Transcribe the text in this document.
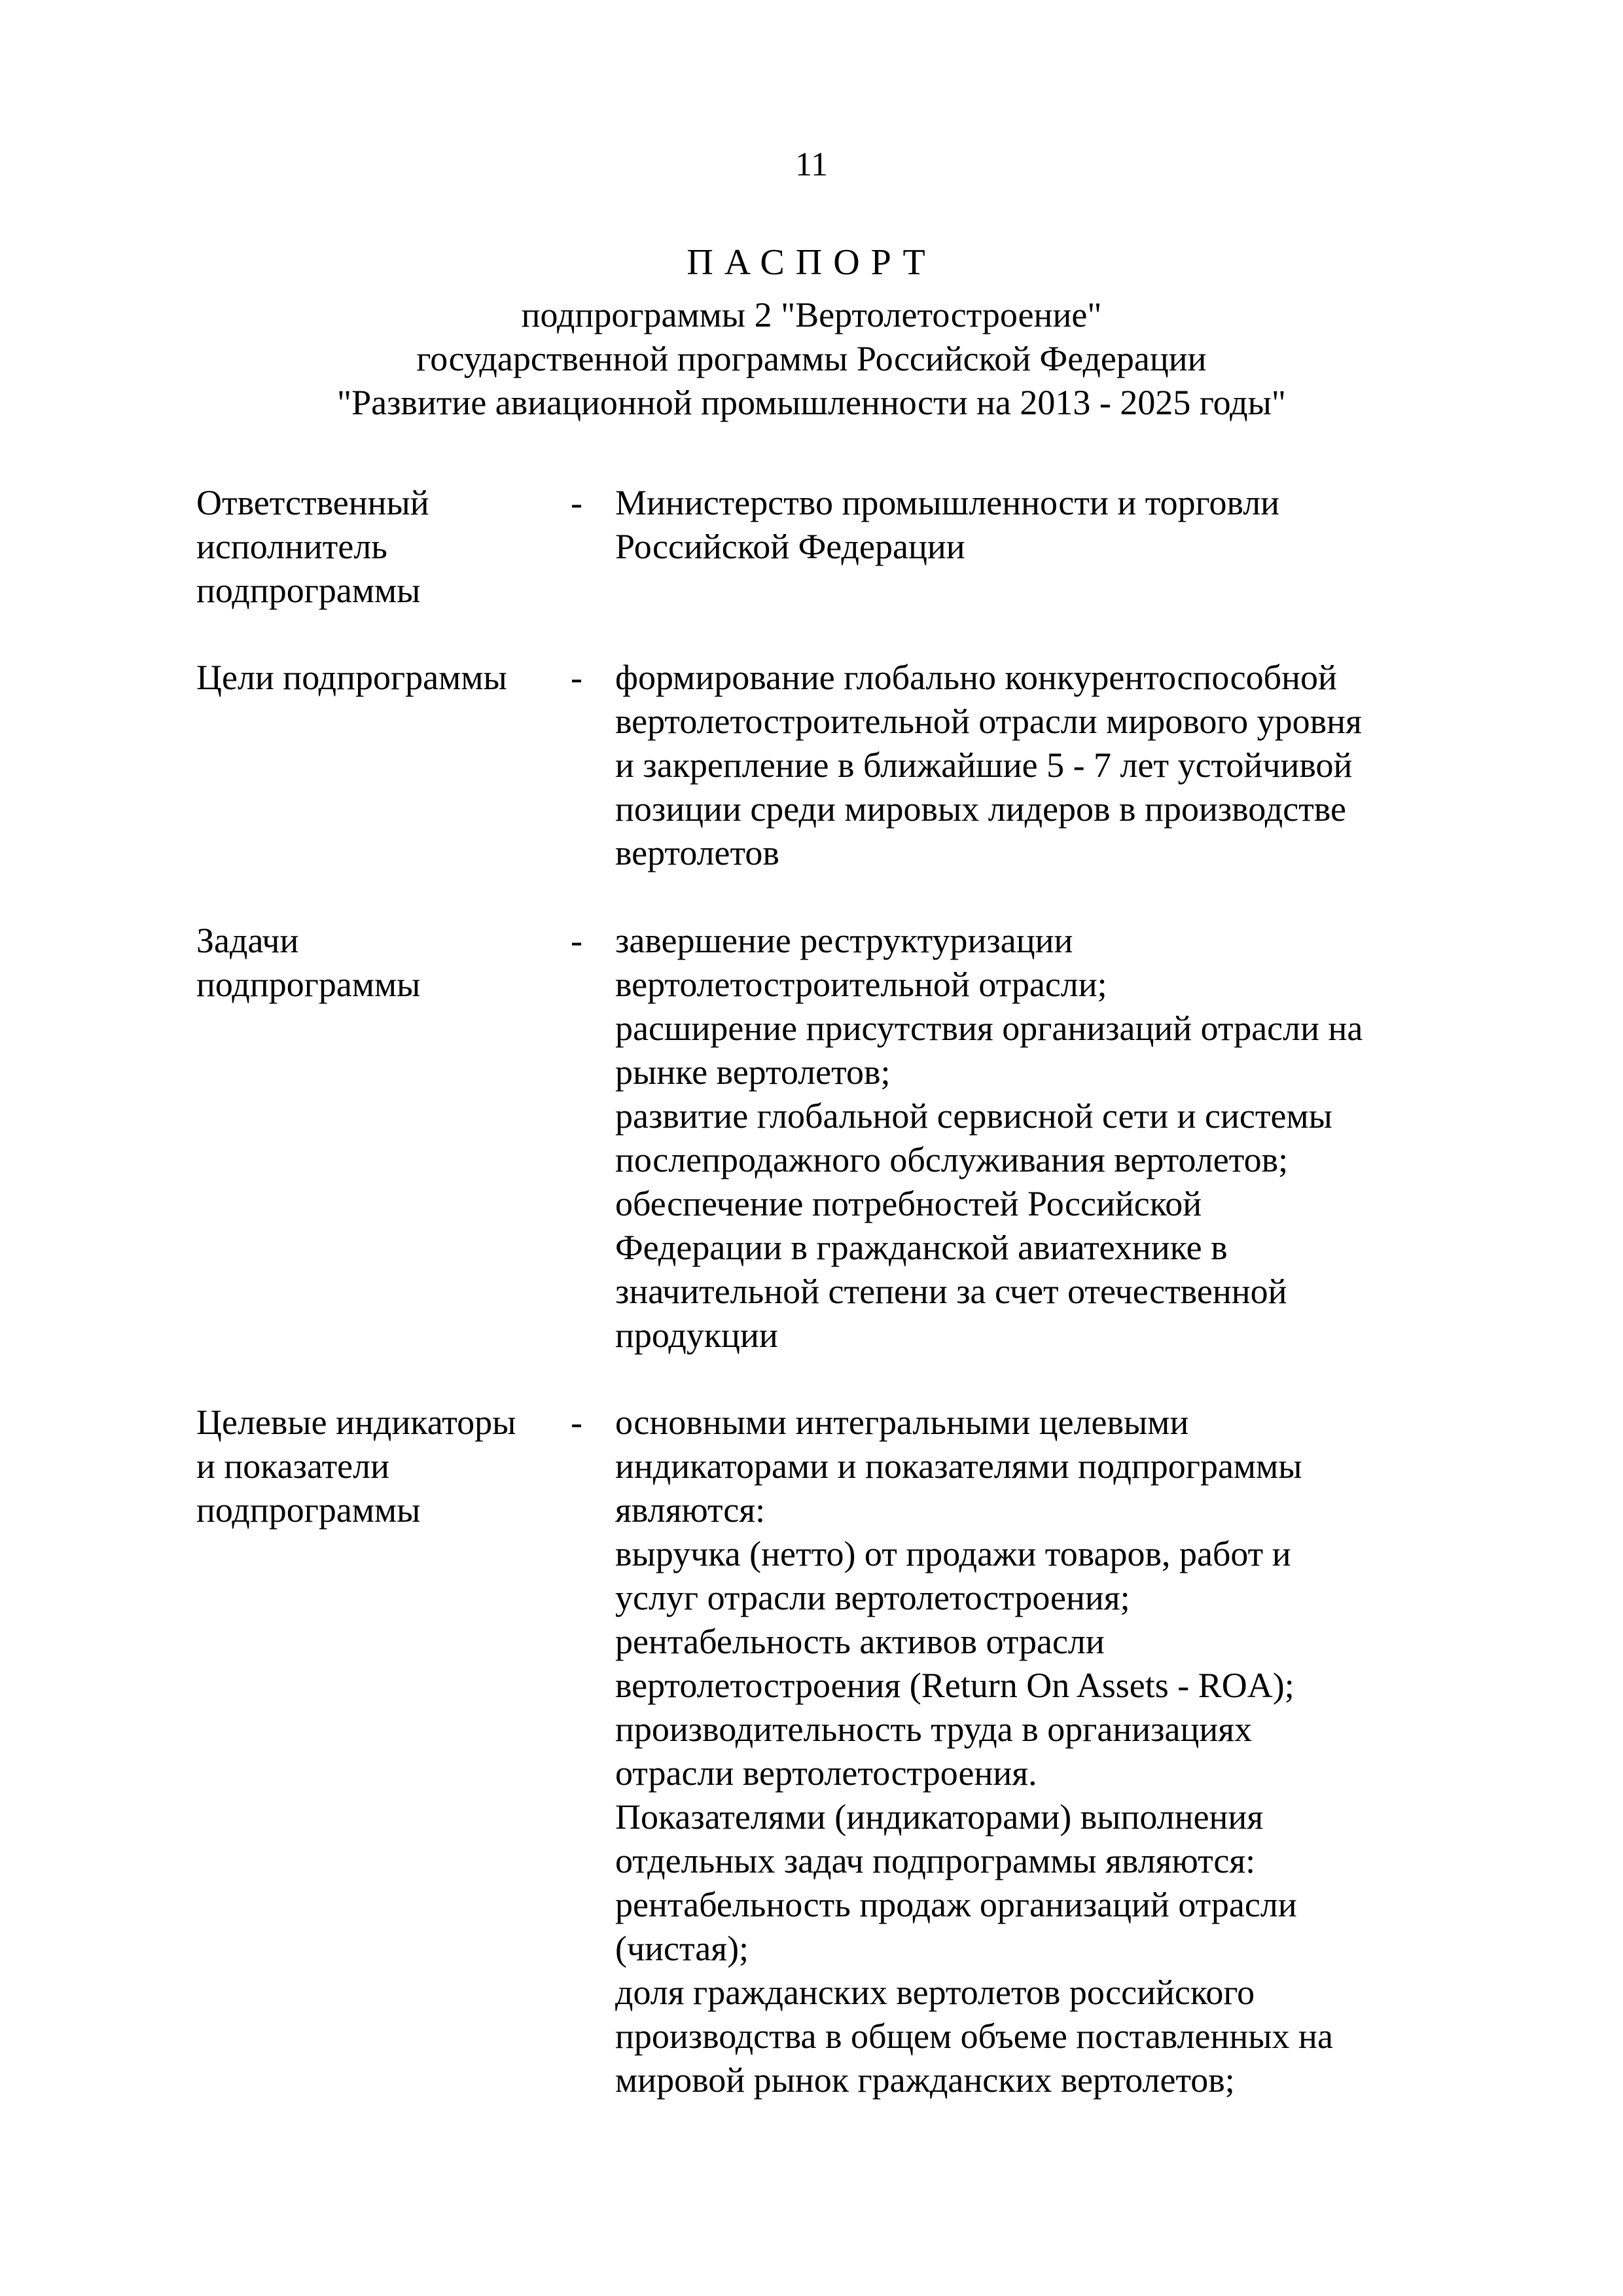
11
ПАСПОРТ
подпрограммы 2 "Вертолетостроение"
государственной программы Российской Федерации
"Развитие авиационной промышленности на 2013 - 2025 годы"
Ответственный
исполнитель
подпрограммы
- Министерство промышленности и торговли
Российской Федерации
Цели подпрограммы	- формирование глобально конкурентоспособной
вертолетостроительной отрасли мирового уровня
и закрепление в ближайшие 5 - 7 лет устойчивой
позиции среди мировых лидеров в производстве
вертолетов
Задачи
подпрограммы
- завершение реструктуризации
вертолетостроительной отрасли;
расширение присутствия организаций отрасли на
рынке вертолетов;
развитие глобальной сервисной сети и системы
послепродажного обслуживания вертолетов;
обеспечение потребностей Российской
Федерации в гражданской авиатехнике в
значительной степени за счет отечественной
продукции
Целевые индикаторы
и показатели
подпрограммы
- основными интегральными целевыми
индикаторами и показателями подпрограммы
являются:
выручка (нетто) от продажи товаров, работ и
услуг отрасли вертолетостроения;
рентабельность активов отрасли
вертолетостроения (Return On Assets - ROA);
производительность труда в организациях
отрасли вертолетостроения.
Показателями (индикаторами) выполнения
отдельных задач подпрограммы являются:
рентабельность продаж организаций отрасли
(чистая);
доля гражданских вертолетов российского
производства в общем объеме поставленных на
мировой рынок гражданских вертолетов;
